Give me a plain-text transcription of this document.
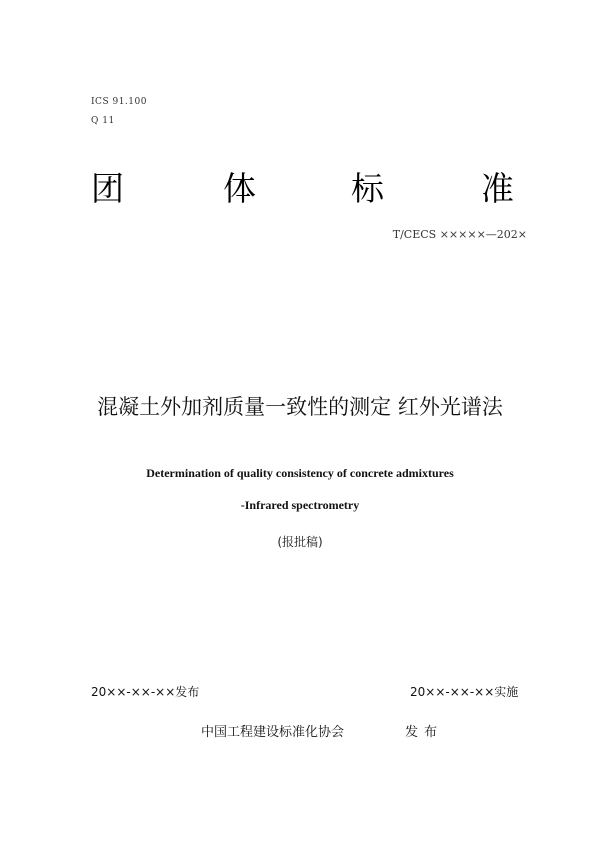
ICS 91.100
Q 11
团	体	标	准
T/CECS ×××××—202×
混凝土外加剂质量一致性的测定 红外光谱法
Determination of quality consistency of concrete admixtures
-Infrared spectrometry
(报批稿)
20××-××-××发布	20××-××-××实施
中国工程建设标准化协会	发布
